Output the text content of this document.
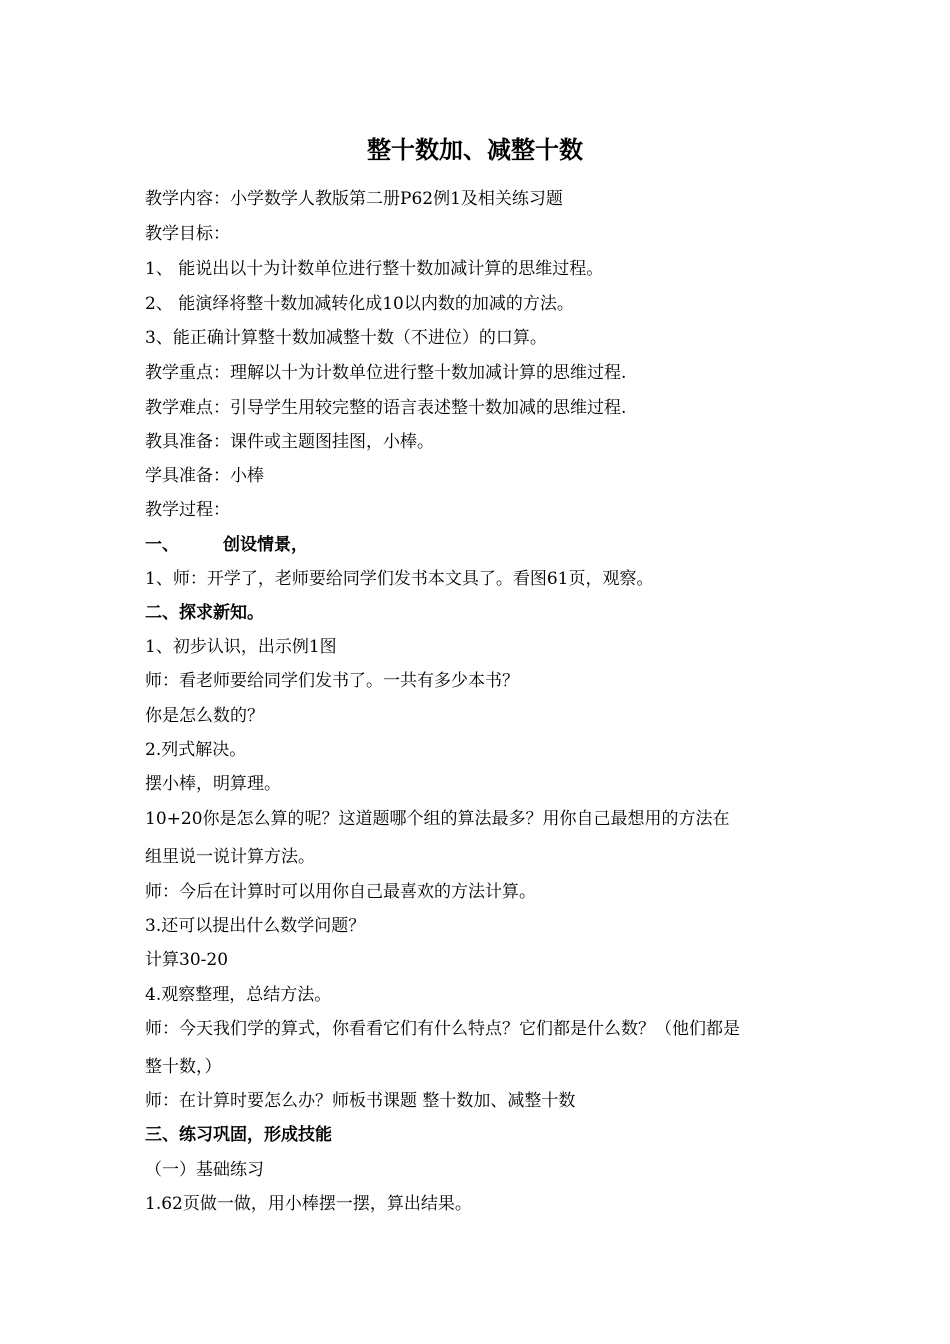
整十数加、减整十数
教学内容：小学数学人教版第二册P62例1及相关练习题
教学目标：
1、 能说出以十为计数单位进行整十数加减计算的思维过程。
2、 能演绎将整十数加减转化成10以内数的加减的方法。
3、能正确计算整十数加减整十数（不进位）的口算。
教学重点：理解以十为计数单位进行整十数加减计算的思维过程.
教学难点：引导学生用较完整的语言表述整十数加减的思维过程.
教具准备：课件或主题图挂图，小棒。
学具准备：小棒
教学过程：
一、	创设情景，
1、师：开学了，老师要给同学们发书本文具了。看图61页，观察。
二、探求新知。
1、初步认识，出示例1图
师：看老师要给同学们发书了。一共有多少本书？
你是怎么数的？
2.列式解决。
摆小棒，明算理。
10+20你是怎么算的呢？这道题哪个组的算法最多？用你自己最想用的方法在
组里说一说计算方法。
师：今后在计算时可以用你自己最喜欢的方法计算。
3.还可以提出什么数学问题？
计算30-20
4.观察整理，总结方法。
师：今天我们学的算式，你看看它们有什么特点？它们都是什么数？（他们都是
整十数，）
师：在计算时要怎么办？师板书课题 整十数加、减整十数
三、练习巩固，形成技能
（一）基础练习
1.62页做一做，用小棒摆一摆，算出结果。
